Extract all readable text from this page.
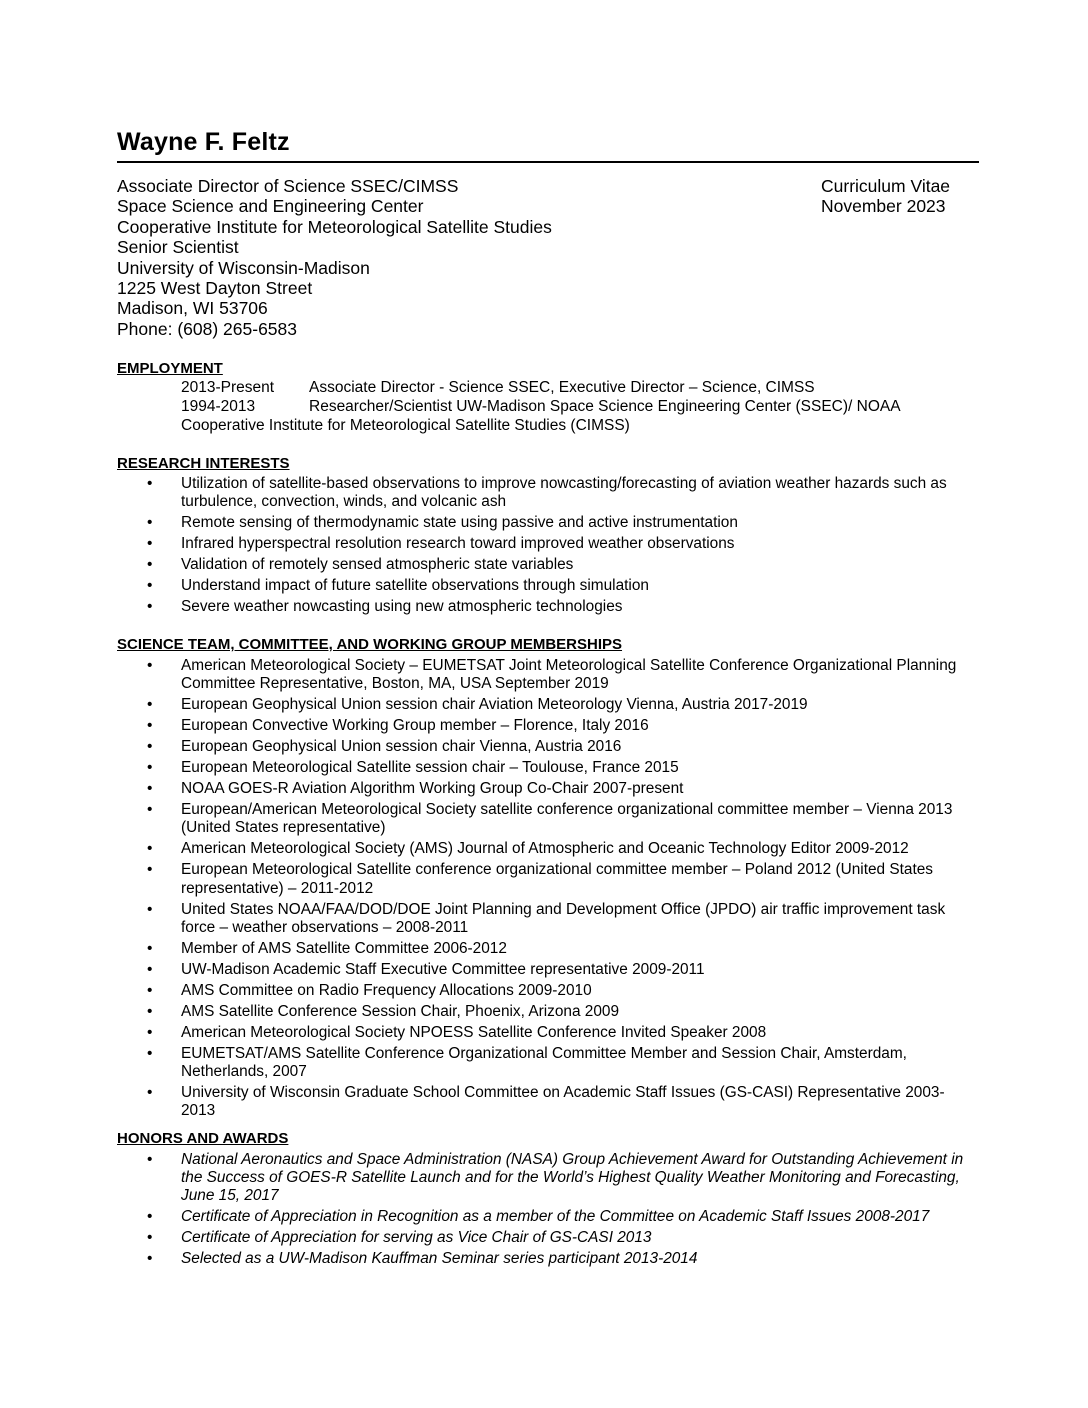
Wayne F. Feltz
Associate Director of Science SSEC/CIMSS
Space Science and Engineering Center
Cooperative Institute for Meteorological Satellite Studies
Senior Scientist
University of Wisconsin-Madison
1225 West Dayton Street
Madison, WI 53706
Phone: (608) 265-6583
Curriculum Vitae
November 2023
EMPLOYMENT
2013-Present	Associate Director - Science SSEC, Executive Director – Science, CIMSS
1994-2013	Researcher/Scientist UW-Madison Space Science Engineering Center (SSEC)/ NOAA
Cooperative Institute for Meteorological Satellite Studies (CIMSS)
RESEARCH INTERESTS
• Utilization of satellite-based observations to improve nowcasting/forecasting of aviation weather hazards such as turbulence, convection, winds, and volcanic ash
• Remote sensing of thermodynamic state using passive and active instrumentation
• Infrared hyperspectral resolution research toward improved weather observations
• Validation of remotely sensed atmospheric state variables
• Understand impact of future satellite observations through simulation
• Severe weather nowcasting using new atmospheric technologies
SCIENCE TEAM, COMMITTEE, AND WORKING GROUP MEMBERSHIPS
• American Meteorological Society – EUMETSAT Joint Meteorological Satellite Conference Organizational Planning Committee Representative, Boston, MA, USA September 2019
• European Geophysical Union session chair Aviation Meteorology Vienna, Austria 2017-2019
• European Convective Working Group member – Florence, Italy 2016
• European Geophysical Union session chair Vienna, Austria 2016
• European Meteorological Satellite session chair – Toulouse, France 2015
• NOAA GOES-R Aviation Algorithm Working Group Co-Chair 2007-present
• European/American Meteorological Society satellite conference organizational committee member – Vienna 2013 (United States representative)
• American Meteorological Society (AMS) Journal of Atmospheric and Oceanic Technology Editor 2009-2012
• European Meteorological Satellite conference organizational committee member – Poland 2012 (United States representative) – 2011-2012
• United States NOAA/FAA/DOD/DOE Joint Planning and Development Office (JPDO) air traffic improvement task force – weather observations – 2008-2011
• Member of AMS Satellite Committee 2006-2012
• UW-Madison Academic Staff Executive Committee representative 2009-2011
• AMS Committee on Radio Frequency Allocations 2009-2010
• AMS Satellite Conference Session Chair, Phoenix, Arizona 2009
• American Meteorological Society NPOESS Satellite Conference Invited Speaker 2008
• EUMETSAT/AMS Satellite Conference Organizational Committee Member and Session Chair, Amsterdam, Netherlands, 2007
• University of Wisconsin Graduate School Committee on Academic Staff Issues (GS-CASI) Representative 2003-2013
HONORS AND AWARDS
• National Aeronautics and Space Administration (NASA) Group Achievement Award for Outstanding Achievement in the Success of GOES-R Satellite Launch and for the World’s Highest Quality Weather Monitoring and Forecasting, June 15, 2017
• Certificate of Appreciation in Recognition as a member of the Committee on Academic Staff Issues 2008-2017
• Certificate of Appreciation for serving as Vice Chair of GS-CASI 2013
• Selected as a UW-Madison Kauffman Seminar series participant 2013-2014
